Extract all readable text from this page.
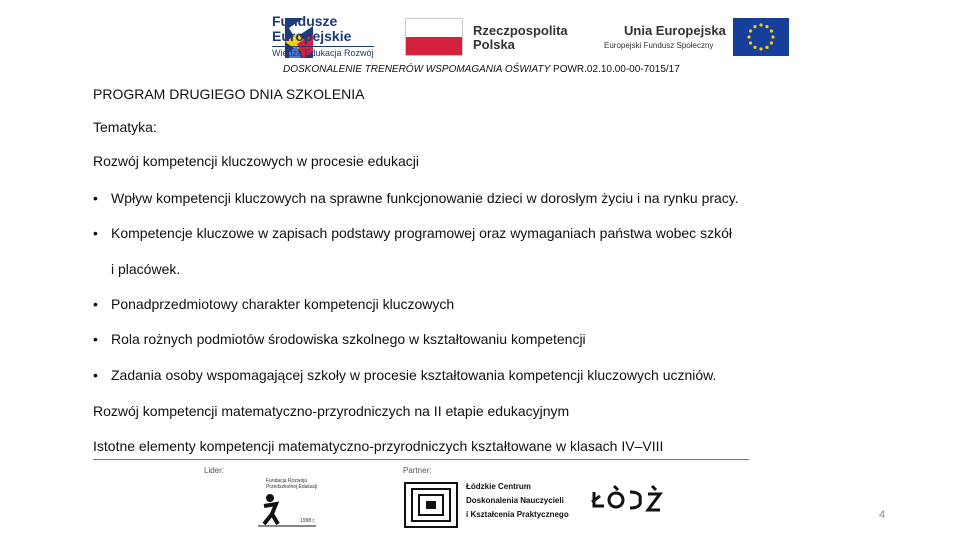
Fundusze
Europejskie
Wiedza Edukacja Rozwój
Rzeczpospolita
Polska
Unia Europejska
Europejski Fundusz Społeczny
DOSKONALENIE TRENERÓW WSPOMAGANIA OŚWIATY POWR.02.10.00-00-7015/17
PROGRAM DRUGIEGO DNIA SZKOLENIA
Tematyka:
Rozwój kompetencji kluczowych w procesie edukacji
• Wpływ kompetencji kluczowych na sprawne funkcjonowanie dzieci w dorosłym życiu i na rynku pracy.
• Kompetencje kluczowe w zapisach podstawy programowej oraz wymaganiach państwa wobec szkół
i placówek.
• Ponadprzedmiotowy charakter kompetencji kluczowych
• Rola rożnych podmiotów środowiska szkolnego w kształtowaniu kompetencji
• Zadania osoby wspomagającej szkoły w procesie kształtowania kompetencji kluczowych uczniów.
Rozwój kompetencji matematyczno-przyrodniczych na II etapie edukacyjnym
Istotne elementy kompetencji matematyczno-przyrodniczych kształtowane w klasach IV–VIII
Lider:	Partner:
Fundacja Rozwoju Przedszkolnej Edukacji
1998 r.
Łódzkie Centrum
Doskonalenia Nauczycieli
i Kształcenia Praktycznego	4
